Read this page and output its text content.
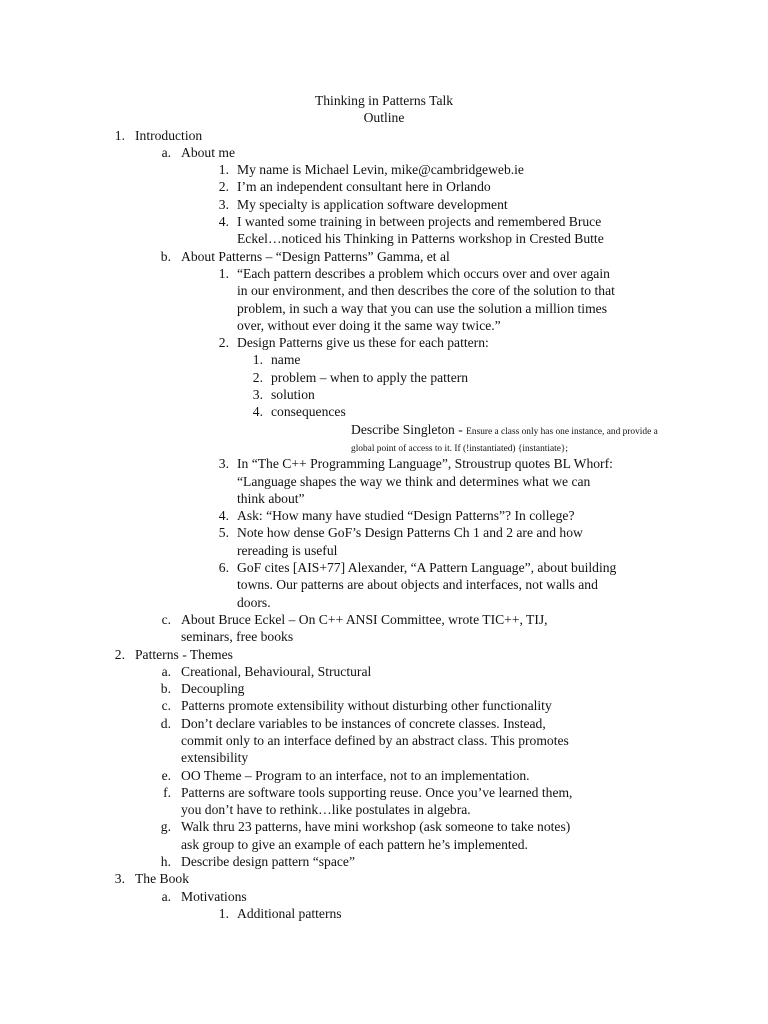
Thinking in Patterns Talk

Outline

1. Introduction
a. About me
1. My name is Michael Levin, mike@cambridgeweb.ie
2. I’m an independent consultant here in Orlando
3. My specialty is application software development
4. I wanted some training in between projects and remembered Bruce Eckel…noticed his Thinking in Patterns workshop in Crested Butte
b. About Patterns – “Design Patterns” Gamma, et al
1. “Each pattern describes a problem which occurs over and over again in our environment, and then describes the core of the solution to that problem, in such a way that you can use the solution a million times over, without ever doing it the same way twice.”
2. Design Patterns give us these for each pattern:
1. name
2. problem – when to apply the pattern
3. solution
4. consequences
Describe Singleton - Ensure a class only has one instance, and provide a global point of access to it. If (!instantiated) {instantiate};
3. In “The C++ Programming Language”, Stroustrup quotes BL Whorf: “Language shapes the way we think and determines what we can think about”
4. Ask: “How many have studied “Design Patterns”? In college?
5. Note how dense GoF’s Design Patterns Ch 1 and 2 are and how rereading is useful
6. GoF cites [AIS+77] Alexander, “A Pattern Language”, about building towns. Our patterns are about objects and interfaces, not walls and doors.
c. About Bruce Eckel – On C++ ANSI Committee, wrote TIC++, TIJ, seminars, free books
2. Patterns - Themes
a. Creational, Behavioural, Structural
b. Decoupling
c. Patterns promote extensibility without disturbing other functionality
d. Don’t declare variables to be instances of concrete classes. Instead, commit only to an interface defined by an abstract class. This promotes extensibility
e. OO Theme – Program to an interface, not to an implementation.
f. Patterns are software tools supporting reuse. Once you’ve learned them, you don’t have to rethink…like postulates in algebra.
g. Walk thru 23 patterns, have mini workshop (ask someone to take notes) ask group to give an example of each pattern he’s implemented.
h. Describe design pattern “space”
3. The Book
a. Motivations
1. Additional patterns
